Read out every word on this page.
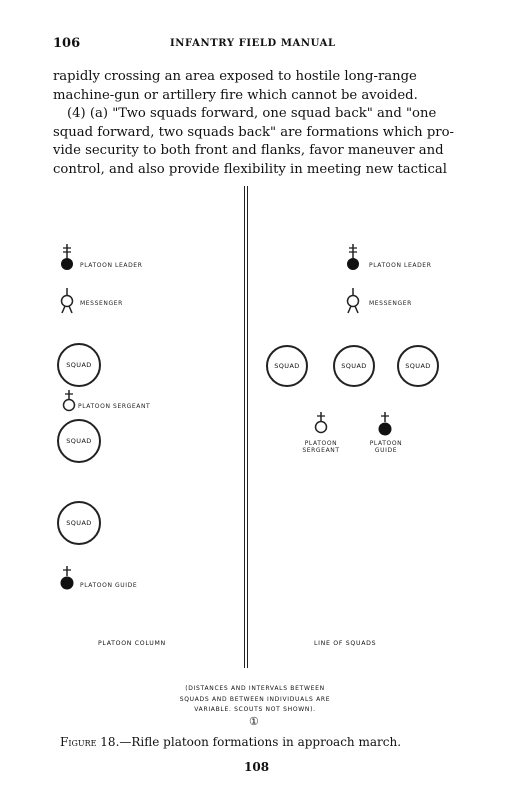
106	INFANTRY FIELD MANUAL

rapidly crossing an area exposed to hostile long-range

machine-gun or artillery fire which cannot be avoided.

(4) (a) "Two squads forward, one squad back" and "one

squad forward, two squads back" are formations which pro-

vide security to both front and flanks, favor maneuver and

control, and also provide flexibility in meeting new tactical

PLATOON LEADER
MESSENGER
SQUAD
PLATOON SERGEANT
SQUAD
SQUAD
PLATOON GUIDE
PLATOON COLUMN
PLATOON LEADER
MESSENGER
SQUAD	SQUAD	SQUAD
PLATOON
SERGEANT
PLATOON
GUIDE
LINE OF SQUADS
(DISTANCES AND INTERVALS BETWEEN
SQUADS AND BETWEEN INDIVIDUALS ARE
VARIABLE. SCOUTS NOT SHOWN).
①
Figure 18.—Rifle platoon formations in approach march.
108
